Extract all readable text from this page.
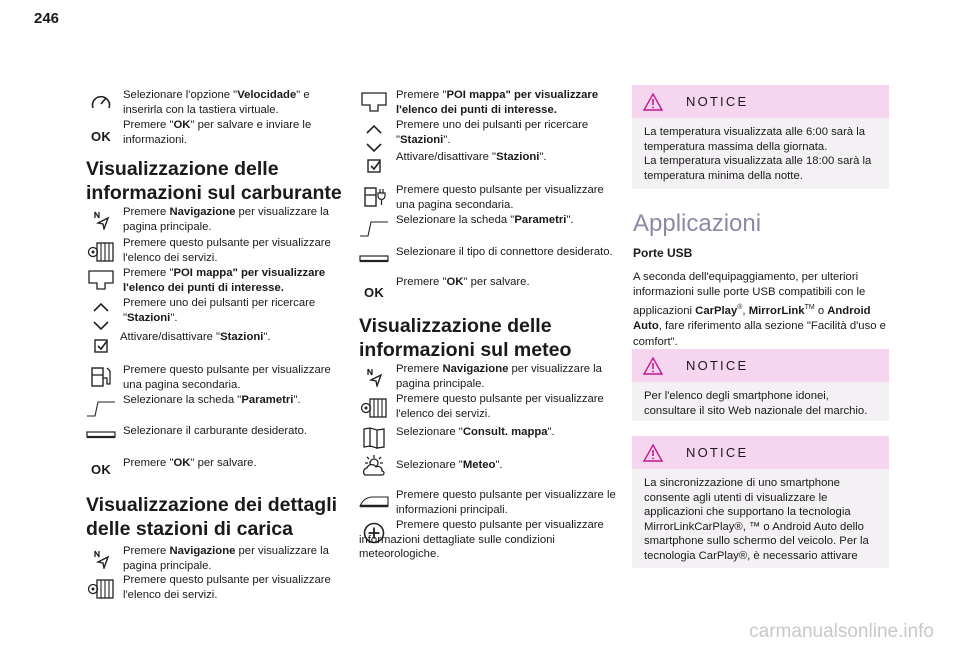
246
Selezionare l'opzione "Velocidade" e inserirla con la tastiera virtuale.
OK
Premere "OK" per salvare e inviare le informazioni.
Visualizzazione delle informazioni sul carburante
Premere Navigazione per visualizzare la pagina principale.
Premere questo pulsante per visualizzare l'elenco dei servizi.
Premere "POI mappa" per visualizzare l'elenco dei punti di interesse.
Premere uno dei pulsanti per ricercare "Stazioni".
Attivare/disattivare "Stazioni".
Premere questo pulsante per visualizzare una pagina secondaria.
Selezionare la scheda "Parametri".
Selezionare il carburante desiderato.
OK	Premere "OK" per salvare.
Visualizzazione dei dettagli delle stazioni di carica
Premere Navigazione per visualizzare la pagina principale.
Premere questo pulsante per visualizzare l'elenco dei servizi.
Premere "POI mappa" per visualizzare l'elenco dei punti di interesse.
Premere uno dei pulsanti per ricercare "Stazioni".
Attivare/disattivare "Stazioni".
Premere questo pulsante per visualizzare una pagina secondaria.
Selezionare la scheda "Parametri".
Selezionare il tipo di connettore desiderato.
OK
Premere "OK" per salvare.
Visualizzazione delle informazioni sul meteo
Premere Navigazione per visualizzare la pagina principale.
Premere questo pulsante per visualizzare l'elenco dei servizi.
Selezionare "Consult. mappa".
Selezionare "Meteo".
Premere questo pulsante per visualizzare le informazioni principali.
Premere questo pulsante per visualizzare informazioni dettagliate sulle condizioni meteorologiche.
NOTICE
La temperatura visualizzata alle 6:00 sarà la temperatura massima della giornata.
La temperatura visualizzata alle 18:00 sarà la temperatura minima della notte.
Applicazioni
Porte USB
A seconda dell'equipaggiamento, per ulteriori informazioni sulle porte USB compatibili con le applicazioni CarPlay®, MirrorLink™ o Android Auto, fare riferimento alla sezione "Facilità d'uso e comfort".
NOTICE
Per l'elenco degli smartphone idonei, consultare il sito Web nazionale del marchio.
NOTICE
La sincronizzazione di uno smartphone consente agli utenti di visualizzare le applicazioni che supportano la tecnologia MirrorLinkCarPlay®, ™ o Android Auto dello smartphone sullo schermo del veicolo. Per la tecnologia CarPlay®, è necessario attivare
carmanualsonline.info
